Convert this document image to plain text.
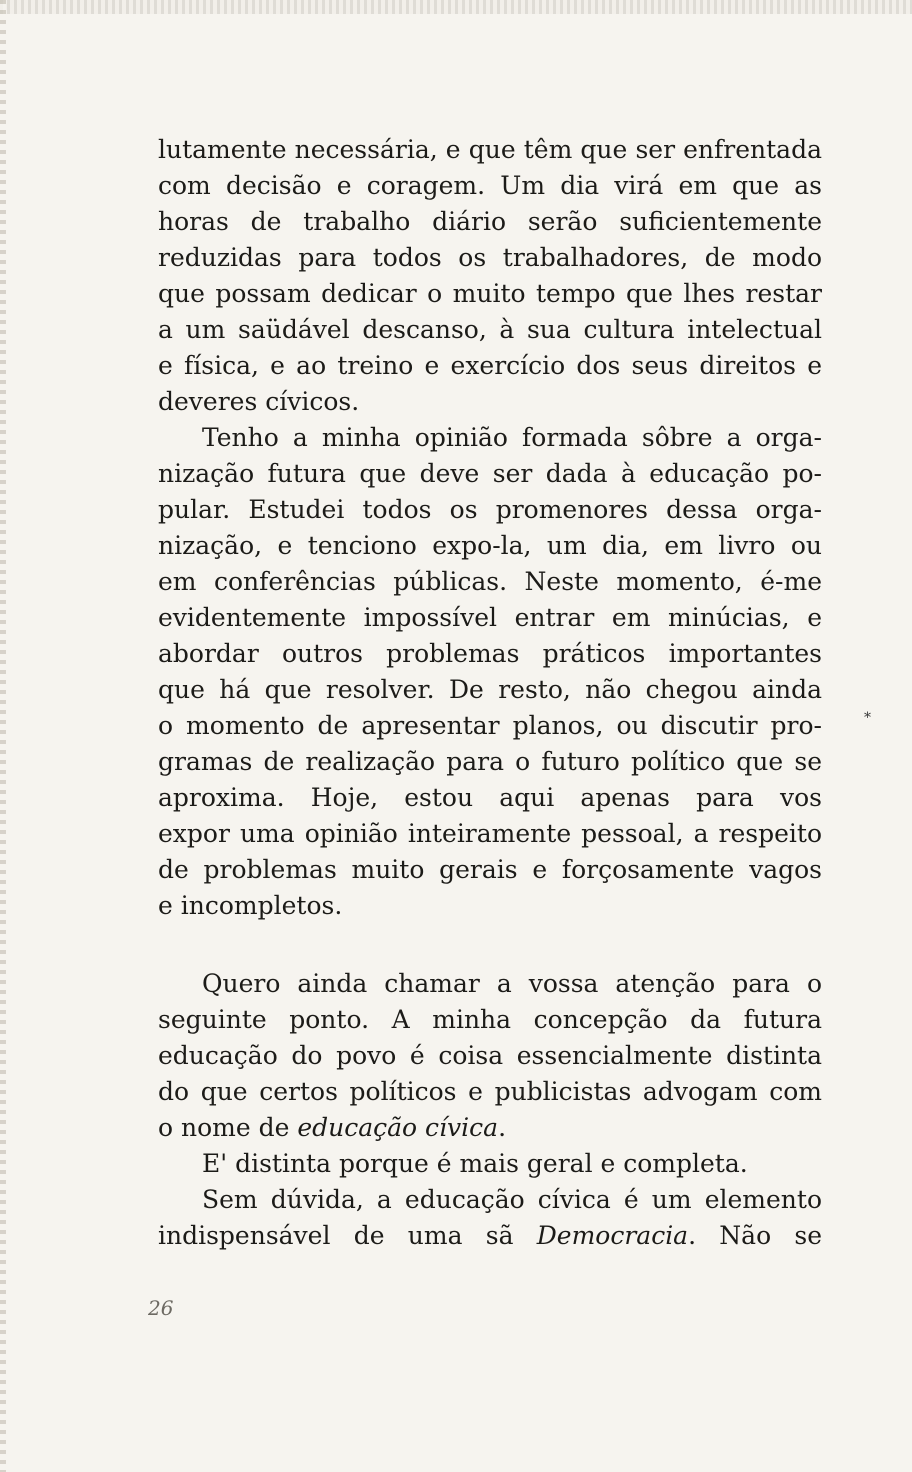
lutamente necessária, e que têm que ser enfrentada
com decisão e coragem. Um dia virá em que as
horas de trabalho diário serão suficientemente
reduzidas para todos os trabalhadores, de modo
que possam dedicar o muito tempo que lhes restar
a um saüdável descanso, à sua cultura intelectual
e física, e ao treino e exercício dos seus direitos e
deveres cívicos.
Tenho a minha opinião formada sôbre a orga-
nização futura que deve ser dada à educação po-
pular. Estudei todos os promenores dessa orga-
nização, e tenciono expo-la, um dia, em livro ou
em conferências públicas. Neste momento, é-me
evidentemente impossível entrar em minúcias, e
abordar outros problemas práticos importantes
que há que resolver. De resto, não chegou ainda
o momento de apresentar planos, ou discutir pro-
gramas de realização para o futuro político que se
aproxima. Hoje, estou aqui apenas para vos
expor uma opinião inteiramente pessoal, a respeito
de problemas muito gerais e forçosamente vagos
e incompletos.
Quero ainda chamar a vossa atenção para o
seguinte ponto. A minha concepção da futura
educação do povo é coisa essencialmente distinta
do que certos políticos e publicistas advogam com
o nome de educação cívica.
E' distinta porque é mais geral e completa.
Sem dúvida, a educação cívica é um elemento
indispensável de uma sã Democracia. Não se
*
26
